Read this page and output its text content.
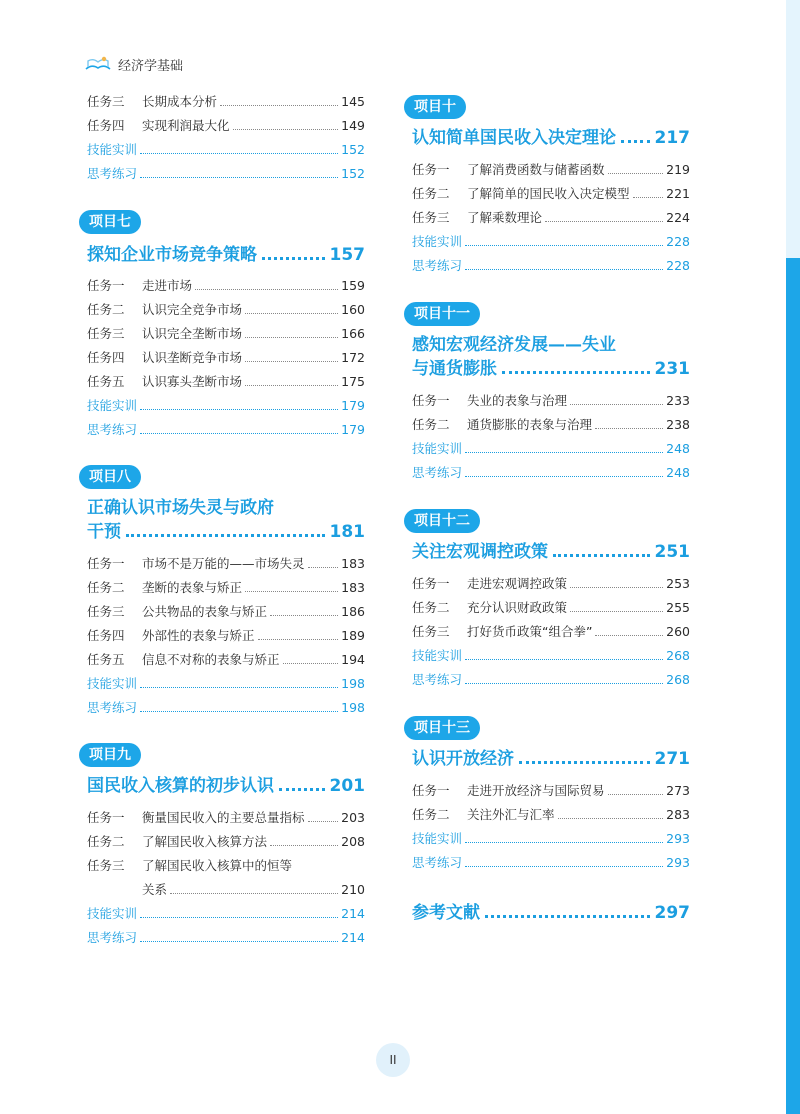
经济学基础
任务三	长期成本分析	145
任务四	实现利润最大化	149
技能实训	152
思考练习	152
项目七
探知企业市场竞争策略	157
任务一	走进市场	159
任务二	认识完全竞争市场	160
任务三	认识完全垄断市场	166
任务四	认识垄断竞争市场	172
任务五	认识寡头垄断市场	175
技能实训	179
思考练习	179
项目八
正确认识市场失灵与政府
干预	181
任务一	市场不是万能的——市场失灵	183
任务二	垄断的表象与矫正	183
任务三	公共物品的表象与矫正	186
任务四	外部性的表象与矫正	189
任务五	信息不对称的表象与矫正	194
技能实训	198
思考练习	198
项目九
国民收入核算的初步认识	201
任务一	衡量国民收入的主要总量指标	203
任务二	了解国民收入核算方法	208
任务三	了解国民收入核算中的恒等
关系	210
技能实训	214
思考练习	214
项目十
认知简单国民收入决定理论 217
任务一	了解消费函数与储蓄函数	219
任务二	了解简单的国民收入决定模型	221
任务三	了解乘数理论	224
技能实训	228
思考练习	228
项目十一
感知宏观经济发展——失业
与通货膨胀	231
任务一	失业的表象与治理	233
任务二	通货膨胀的表象与治理	238
技能实训	248
思考练习	248
项目十二
关注宏观调控政策	251
任务一	走进宏观调控政策	253
任务二	充分认识财政政策	255
任务三	打好货币政策“组合拳”	260
技能实训	268
思考练习	268
项目十三
认识开放经济	271
任务一	走进开放经济与国际贸易	273
任务二	关注外汇与汇率	283
技能实训	293
思考练习	293
参考文献	297
II
